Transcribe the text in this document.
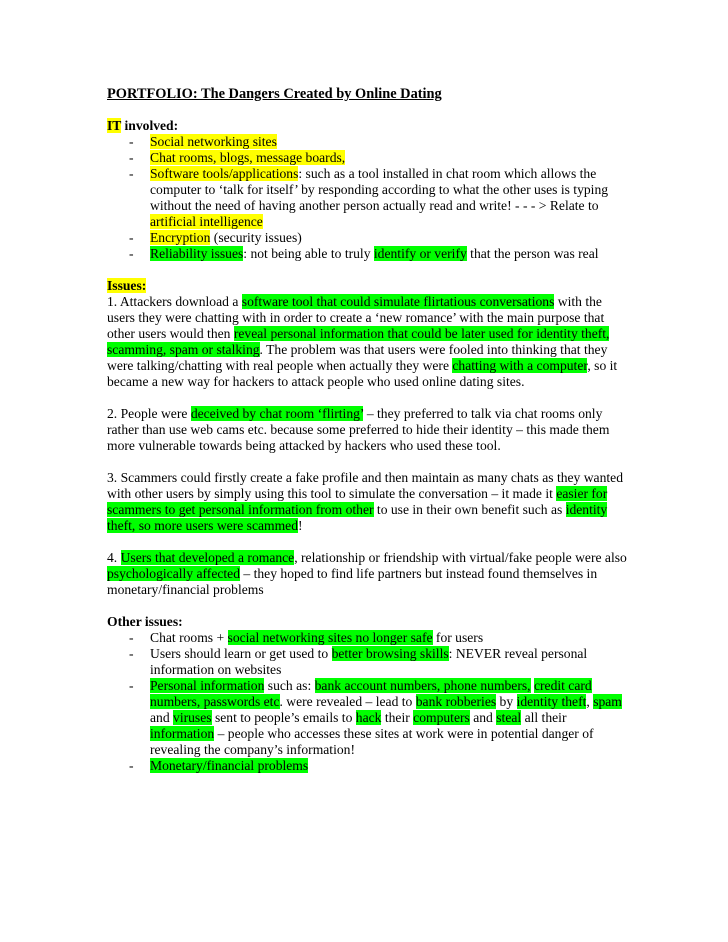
PORTFOLIO: The Dangers Created by Online Dating

IT involved:

- Social networking sites
- Chat rooms, blogs, message boards,
- Software tools/applications: such as a tool installed in chat room which allows the computer to ‘talk for itself’ by responding according to what the other uses is typing without the need of having another person actually read and write! - - - > Relate to artificial intelligence
- Encryption (security issues)
- Reliability issues: not being able to truly identify or verify that the person was real

Issues:

1. Attackers download a software tool that could simulate flirtatious conversations with the users they were chatting with in order to create a ‘new romance’ with the main purpose that other users would then reveal personal information that could be later used for identity theft, scamming, spam or stalking. The problem was that users were fooled into thinking that they were talking/chatting with real people when actually they were chatting with a computer, so it became a new way for hackers to attack people who used online dating sites.

2. People were deceived by chat room ‘flirting’ – they preferred to talk via chat rooms only rather than use web cams etc. because some preferred to hide their identity – this made them more vulnerable towards being attacked by hackers who used these tool.

3. Scammers could firstly create a fake profile and then maintain as many chats as they wanted with other users by simply using this tool to simulate the conversation – it made it easier for scammers to get personal information from other to use in their own benefit such as identity theft, so more users were scammed!

4. Users that developed a romance, relationship or friendship with virtual/fake people were also psychologically affected – they hoped to find life partners but instead found themselves in monetary/financial problems

Other issues:

- Chat rooms + social networking sites no longer safe for users
- Users should learn or get used to better browsing skills: NEVER reveal personal information on websites
- Personal information such as: bank account numbers, phone numbers, credit card numbers, passwords etc. were revealed – lead to bank robberies by identity theft, spam and viruses sent to people’s emails to hack their computers and steal all their information – people who accesses these sites at work were in potential danger of revealing the company’s information!
- Monetary/financial problems
